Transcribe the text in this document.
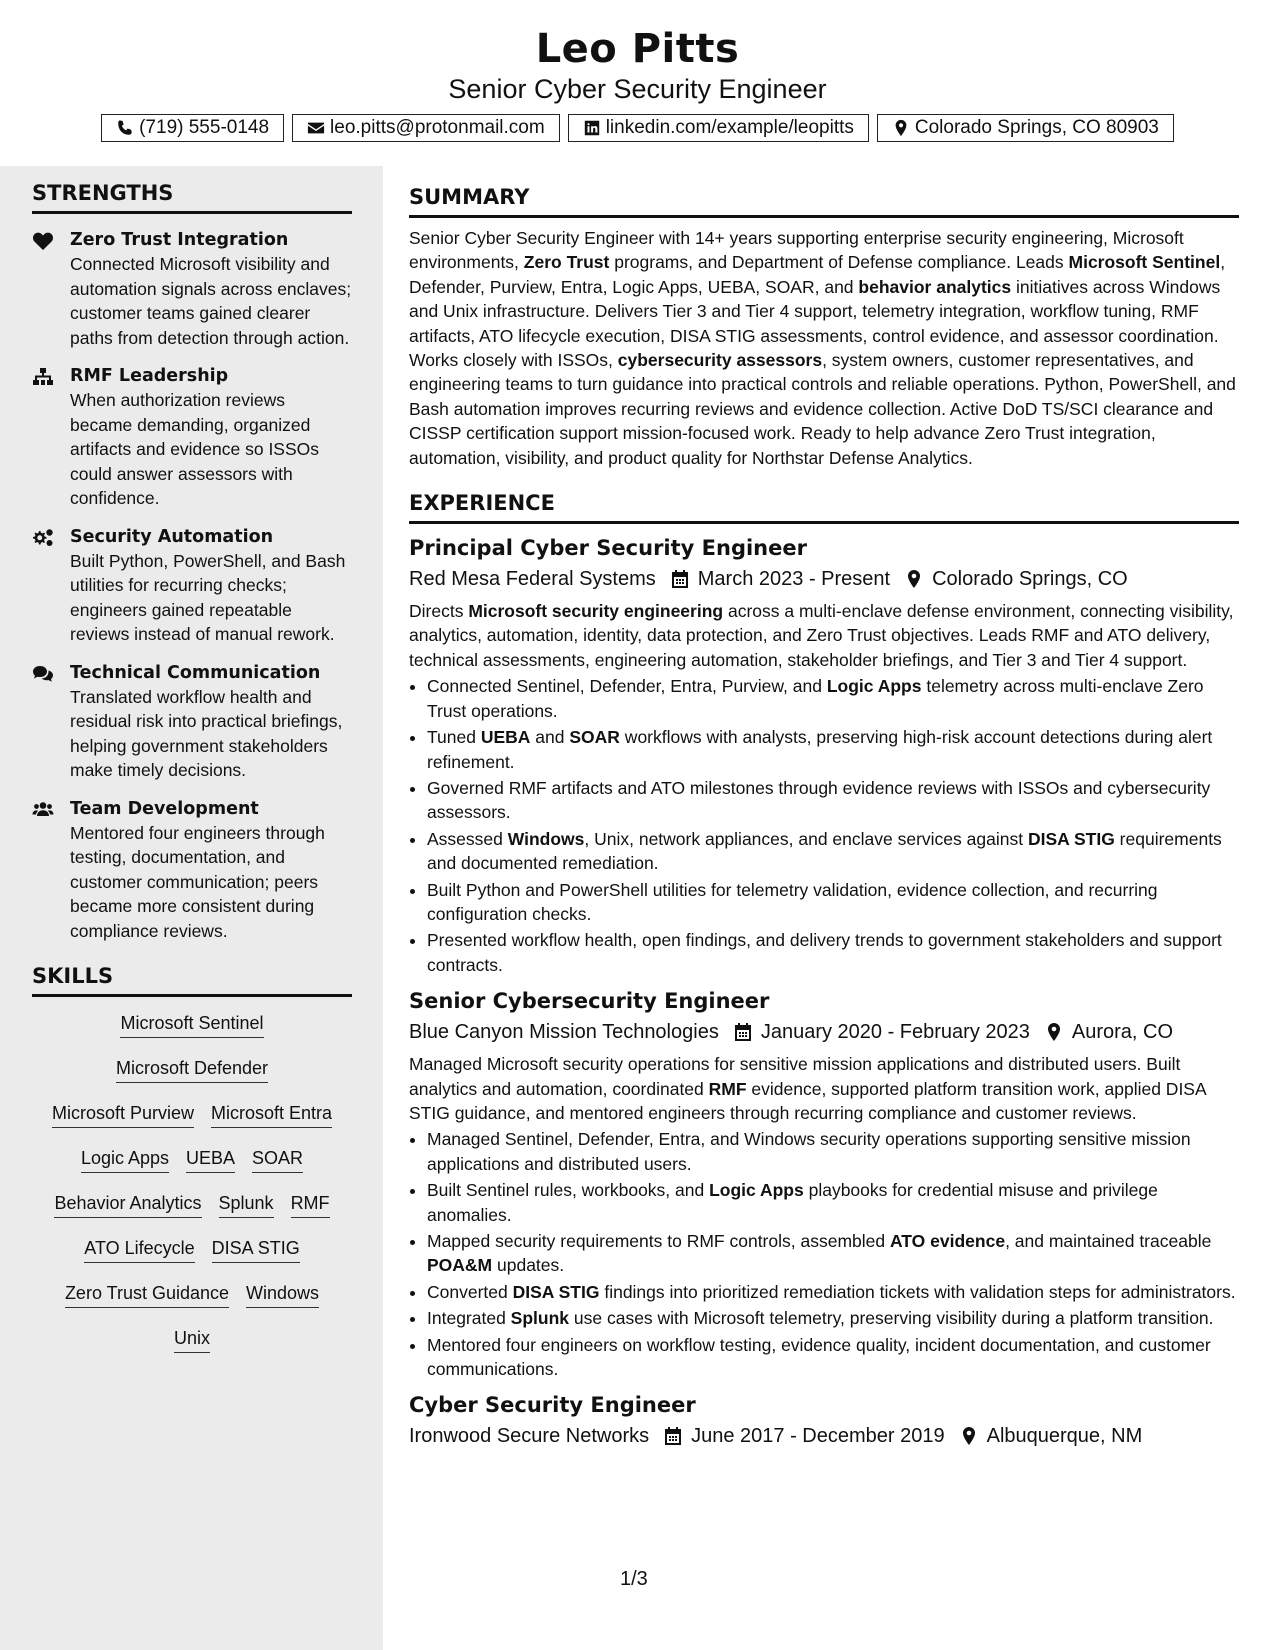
Leo Pitts
Senior Cyber Security Engineer
(719) 555-0148	leo.pitts@protonmail.com	linkedin.com/example/leopitts	Colorado Springs, CO 80903
STRENGTHS
Zero Trust Integration
Connected Microsoft visibility and automation signals across enclaves; customer teams gained clearer paths from detection through action.
RMF Leadership
When authorization reviews became demanding, organized artifacts and evidence so ISSOs could answer assessors with confidence.
Security Automation
Built Python, PowerShell, and Bash utilities for recurring checks; engineers gained repeatable reviews instead of manual rework.
Technical Communication
Translated workflow health and residual risk into practical briefings, helping government stakeholders make timely decisions.
Team Development
Mentored four engineers through testing, documentation, and customer communication; peers became more consistent during compliance reviews.
SKILLS
Microsoft Sentinel
Microsoft Defender
Microsoft Purview Microsoft Entra
Logic Apps UEBA SOAR
Behavior Analytics Splunk RMF
ATO Lifecycle DISA STIG
Zero Trust Guidance Windows
Unix
SUMMARY
Senior Cyber Security Engineer with 14+ years supporting enterprise security engineering, Microsoft environments, Zero Trust programs, and Department of Defense compliance. Leads Microsoft Sentinel, Defender, Purview, Entra, Logic Apps, UEBA, SOAR, and behavior analytics initiatives across Windows and Unix infrastructure. Delivers Tier 3 and Tier 4 support, telemetry integration, workflow tuning, RMF artifacts, ATO lifecycle execution, DISA STIG assessments, control evidence, and assessor coordination. Works closely with ISSOs, cybersecurity assessors, system owners, customer representatives, and engineering teams to turn guidance into practical controls and reliable operations. Python, PowerShell, and Bash automation improves recurring reviews and evidence collection. Active DoD TS/SCI clearance and CISSP certification support mission-focused work. Ready to help advance Zero Trust integration, automation, visibility, and product quality for Northstar Defense Analytics.
EXPERIENCE
Principal Cyber Security Engineer
Red Mesa Federal Systems March 2023 - Present Colorado Springs, CO
Directs Microsoft security engineering across a multi-enclave defense environment, connecting visibility, analytics, automation, identity, data protection, and Zero Trust objectives. Leads RMF and ATO delivery, technical assessments, engineering automation, stakeholder briefings, and Tier 3 and Tier 4 support.
• Connected Sentinel, Defender, Entra, Purview, and Logic Apps telemetry across multi-enclave Zero Trust operations.
• Tuned UEBA and SOAR workflows with analysts, preserving high-risk account detections during alert refinement.
• Governed RMF artifacts and ATO milestones through evidence reviews with ISSOs and cybersecurity assessors.
• Assessed Windows, Unix, network appliances, and enclave services against DISA STIG requirements and documented remediation.
• Built Python and PowerShell utilities for telemetry validation, evidence collection, and recurring configuration checks.
• Presented workflow health, open findings, and delivery trends to government stakeholders and support contracts.
Senior Cybersecurity Engineer
Blue Canyon Mission Technologies January 2020 - February 2023 Aurora, CO
Managed Microsoft security operations for sensitive mission applications and distributed users. Built analytics and automation, coordinated RMF evidence, supported platform transition work, applied DISA STIG guidance, and mentored engineers through recurring compliance and customer reviews.
• Managed Sentinel, Defender, Entra, and Windows security operations supporting sensitive mission applications and distributed users.
• Built Sentinel rules, workbooks, and Logic Apps playbooks for credential misuse and privilege anomalies.
• Mapped security requirements to RMF controls, assembled ATO evidence, and maintained traceable POA&M updates.
• Converted DISA STIG findings into prioritized remediation tickets with validation steps for administrators.
• Integrated Splunk use cases with Microsoft telemetry, preserving visibility during a platform transition.
• Mentored four engineers on workflow testing, evidence quality, incident documentation, and customer communications.
Cyber Security Engineer
Ironwood Secure Networks June 2017 - December 2019 Albuquerque, NM
1/3
